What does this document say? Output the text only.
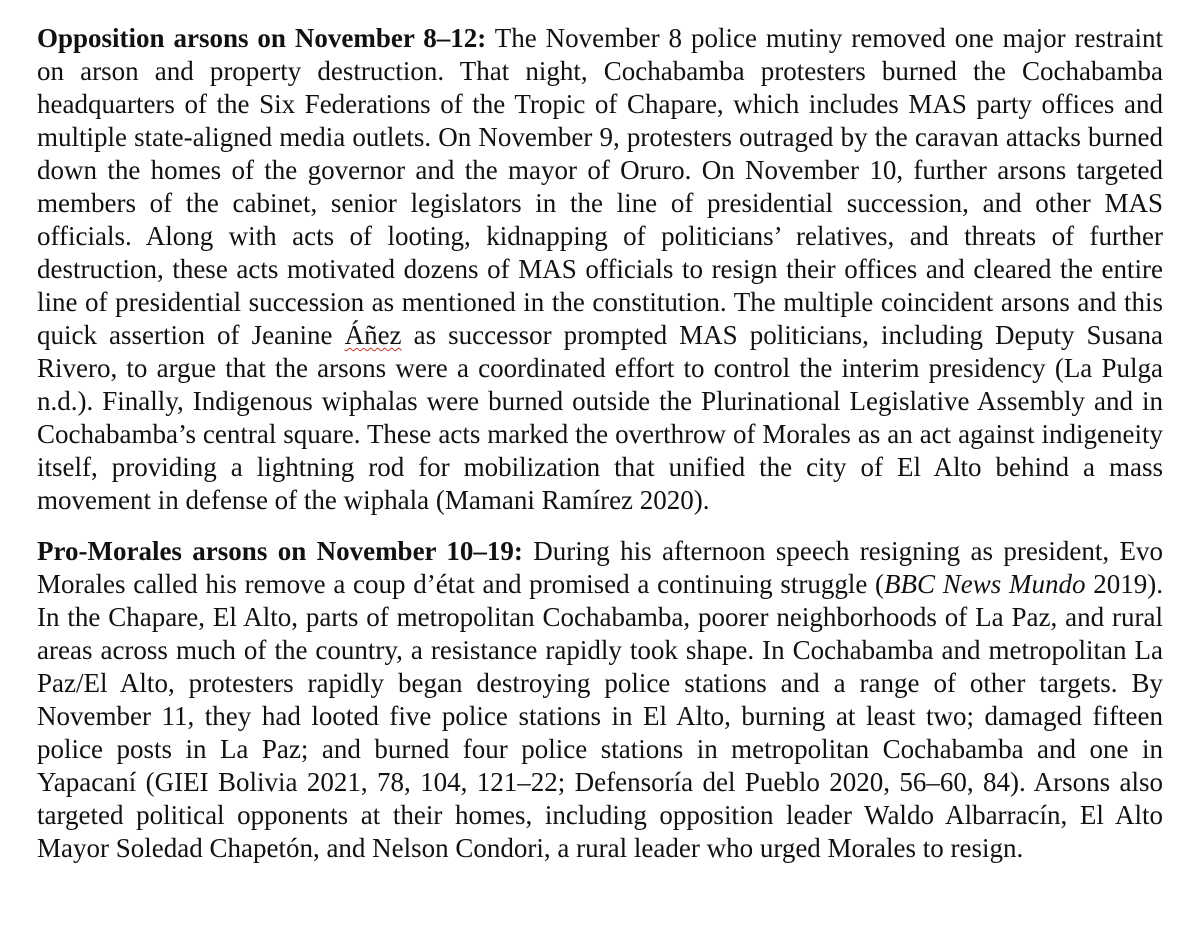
Opposition arsons on November 8–12: The November 8 police mutiny removed one major restraint on arson and property destruction. That night, Cochabamba protesters burned the Cochabamba headquarters of the Six Federations of the Tropic of Chapare, which includes MAS party offices and multiple state-aligned media outlets. On November 9, protesters outraged by the caravan attacks burned down the homes of the governor and the mayor of Oruro. On November 10, further arsons targeted members of the cabinet, senior legislators in the line of presidential succession, and other MAS officials. Along with acts of looting, kidnapping of politicians’ relatives, and threats of further destruction, these acts motivated dozens of MAS officials to resign their offices and cleared the entire line of presidential succession as mentioned in the constitution. The multiple coincident arsons and this quick assertion of Jeanine Áñez as successor prompted MAS politicians, including Deputy Susana Rivero, to argue that the arsons were a coordinated effort to control the interim presidency (La Pulga n.d.). Finally, Indigenous wiphalas were burned outside the Plurinational Legislative Assembly and in Cochabamba’s central square. These acts marked the overthrow of Morales as an act against indigeneity itself, providing a lightning rod for mobilization that unified the city of El Alto behind a mass movement in defense of the wiphala (Mamani Ramírez 2020).

Pro-Morales arsons on November 10–19: During his afternoon speech resigning as president, Evo Morales called his remove a coup d’état and promised a continuing struggle (BBC News Mundo 2019). In the Chapare, El Alto, parts of metropolitan Cochabamba, poorer neighborhoods of La Paz, and rural areas across much of the country, a resistance rapidly took shape. In Cochabamba and metropolitan La Paz/El Alto, protesters rapidly began destroying police stations and a range of other targets. By November 11, they had looted five police stations in El Alto, burning at least two; damaged fifteen police posts in La Paz; and burned four police stations in metropolitan Cochabamba and one in Yapacaní (GIEI Bolivia 2021, 78, 104, 121–22; Defensoría del Pueblo 2020, 56–60, 84). Arsons also targeted political opponents at their homes, including opposition leader Waldo Albarracín, El Alto Mayor Soledad Chapetón, and Nelson Condori, a rural leader who urged Morales to resign.
